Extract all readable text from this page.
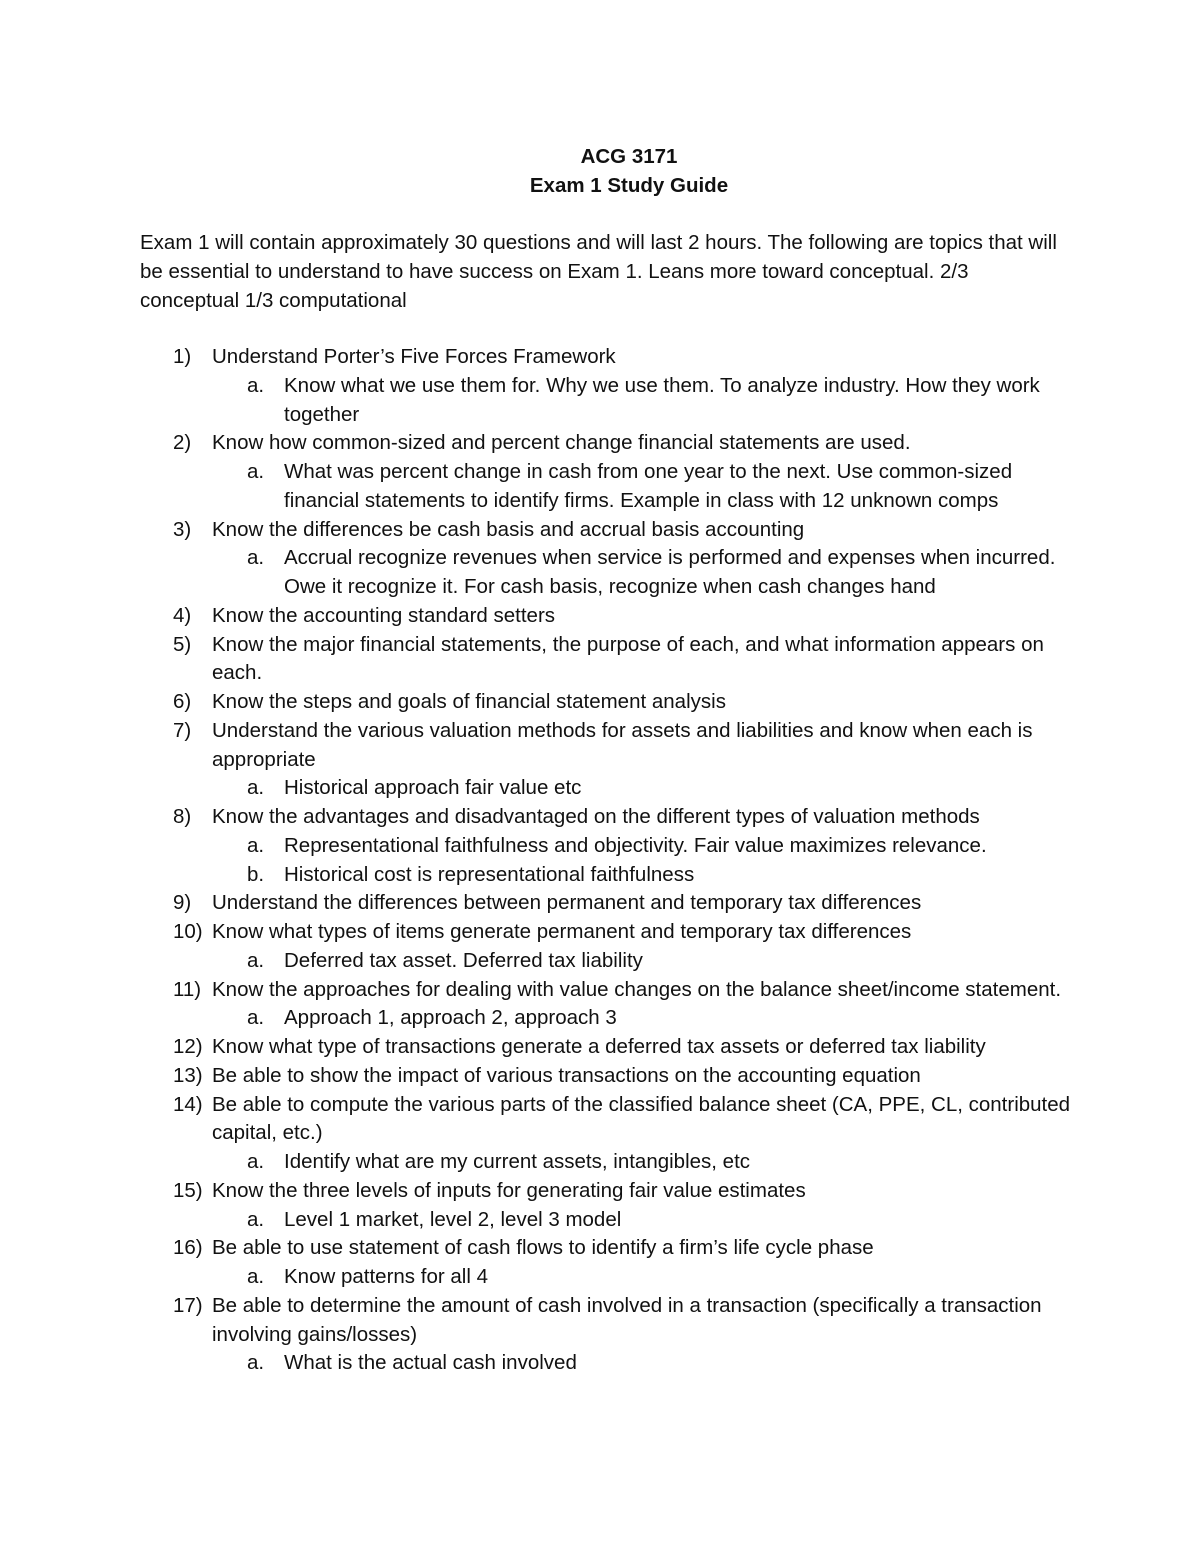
ACG 3171
Exam 1 Study Guide

Exam 1 will contain approximately 30 questions and will last 2 hours. The following are topics that will be essential to understand to have success on Exam 1. Leans more toward conceptual. 2/3 conceptual 1/3 computational

1) Understand Porter’s Five Forces Framework
a. Know what we use them for. Why we use them. To analyze industry. How they work together
2) Know how common-sized and percent change financial statements are used.
a. What was percent change in cash from one year to the next. Use common-sized financial statements to identify firms. Example in class with 12 unknown comps
3) Know the differences be cash basis and accrual basis accounting
a. Accrual recognize revenues when service is performed and expenses when incurred. Owe it recognize it. For cash basis, recognize when cash changes hand
4) Know the accounting standard setters
5) Know the major financial statements, the purpose of each, and what information appears on each.
6) Know the steps and goals of financial statement analysis
7) Understand the various valuation methods for assets and liabilities and know when each is appropriate
a. Historical approach fair value etc
8) Know the advantages and disadvantaged on the different types of valuation methods
a. Representational faithfulness and objectivity. Fair value maximizes relevance.
b. Historical cost is representational faithfulness
9) Understand the differences between permanent and temporary tax differences
10) Know what types of items generate permanent and temporary tax differences
a. Deferred tax asset. Deferred tax liability
11) Know the approaches for dealing with value changes on the balance sheet/income statement.
a. Approach 1, approach 2, approach 3
12) Know what type of transactions generate a deferred tax assets or deferred tax liability
13) Be able to show the impact of various transactions on the accounting equation
14) Be able to compute the various parts of the classified balance sheet (CA, PPE, CL, contributed capital, etc.)
a. Identify what are my current assets, intangibles, etc
15) Know the three levels of inputs for generating fair value estimates
a. Level 1 market, level 2, level 3 model
16) Be able to use statement of cash flows to identify a firm’s life cycle phase
a. Know patterns for all 4
17) Be able to determine the amount of cash involved in a transaction (specifically a transaction involving gains/losses)
a. What is the actual cash involved
